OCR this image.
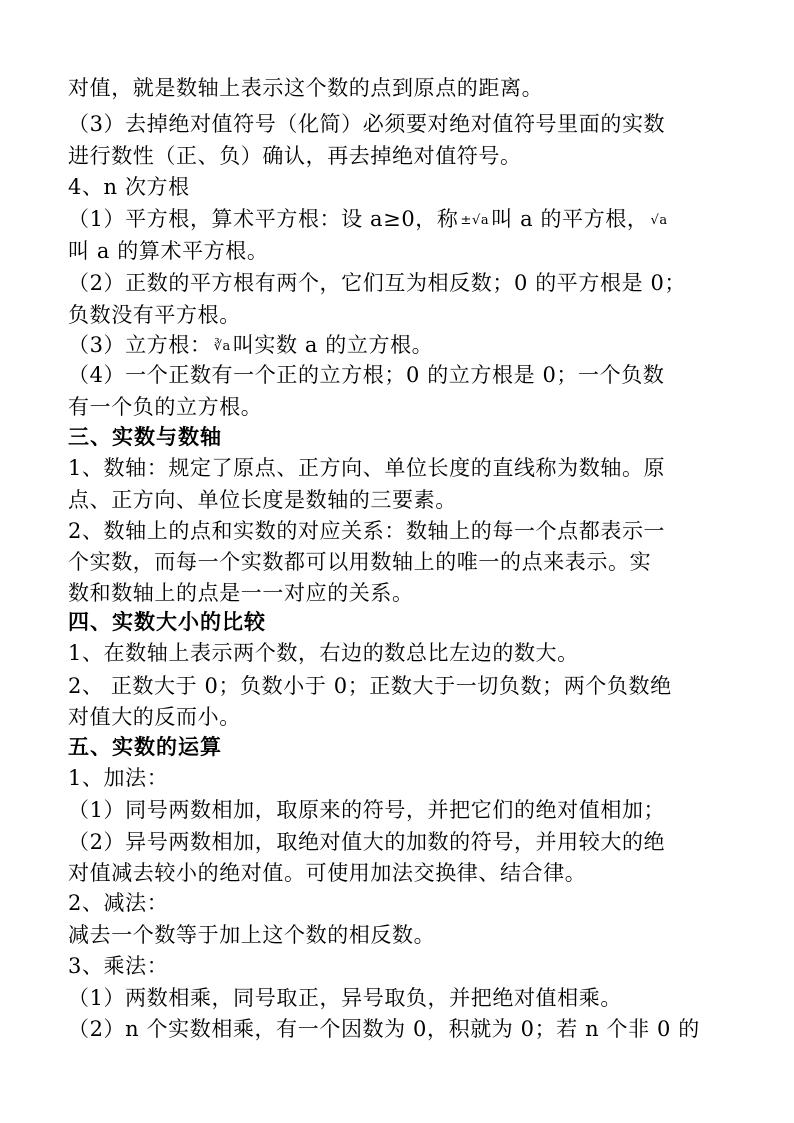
对值，就是数轴上表示这个数的点到原点的距离。
（3）去掉绝对值符号（化简）必须要对绝对值符号里面的实数
进行数性（正、负）确认，再去掉绝对值符号。
4、n 次方根
（1）平方根，算术平方根：设 a≥0，称 ±√a叫 a 的平方根， √a
叫 a 的算术平方根。
（2）正数的平方根有两个，它们互为相反数；0 的平方根是 0；
负数没有平方根。
（3）立方根： ∛a叫实数 a 的立方根。
（4）一个正数有一个正的立方根；0 的立方根是 0；一个负数
有一个负的立方根。
三、实数与数轴
1、数轴：规定了原点、正方向、单位长度的直线称为数轴。原
点、正方向、单位长度是数轴的三要素。
2、数轴上的点和实数的对应关系：数轴上的每一个点都表示一
个实数，而每一个实数都可以用数轴上的唯一的点来表示。实
数和数轴上的点是一一对应的关系。
四、实数大小的比较
1、在数轴上表示两个数，右边的数总比左边的数大。
2、 正数大于 0；负数小于 0；正数大于一切负数；两个负数绝
对值大的反而小。
五、实数的运算
1、加法：
（1）同号两数相加，取原来的符号，并把它们的绝对值相加；
（2）异号两数相加，取绝对值大的加数的符号，并用较大的绝
对值减去较小的绝对值。可使用加法交换律、结合律。
2、减法：
减去一个数等于加上这个数的相反数。
3、乘法：
（1）两数相乘，同号取正，异号取负，并把绝对值相乘。
（2）n 个实数相乘，有一个因数为 0，积就为 0；若 n 个非 0 的
